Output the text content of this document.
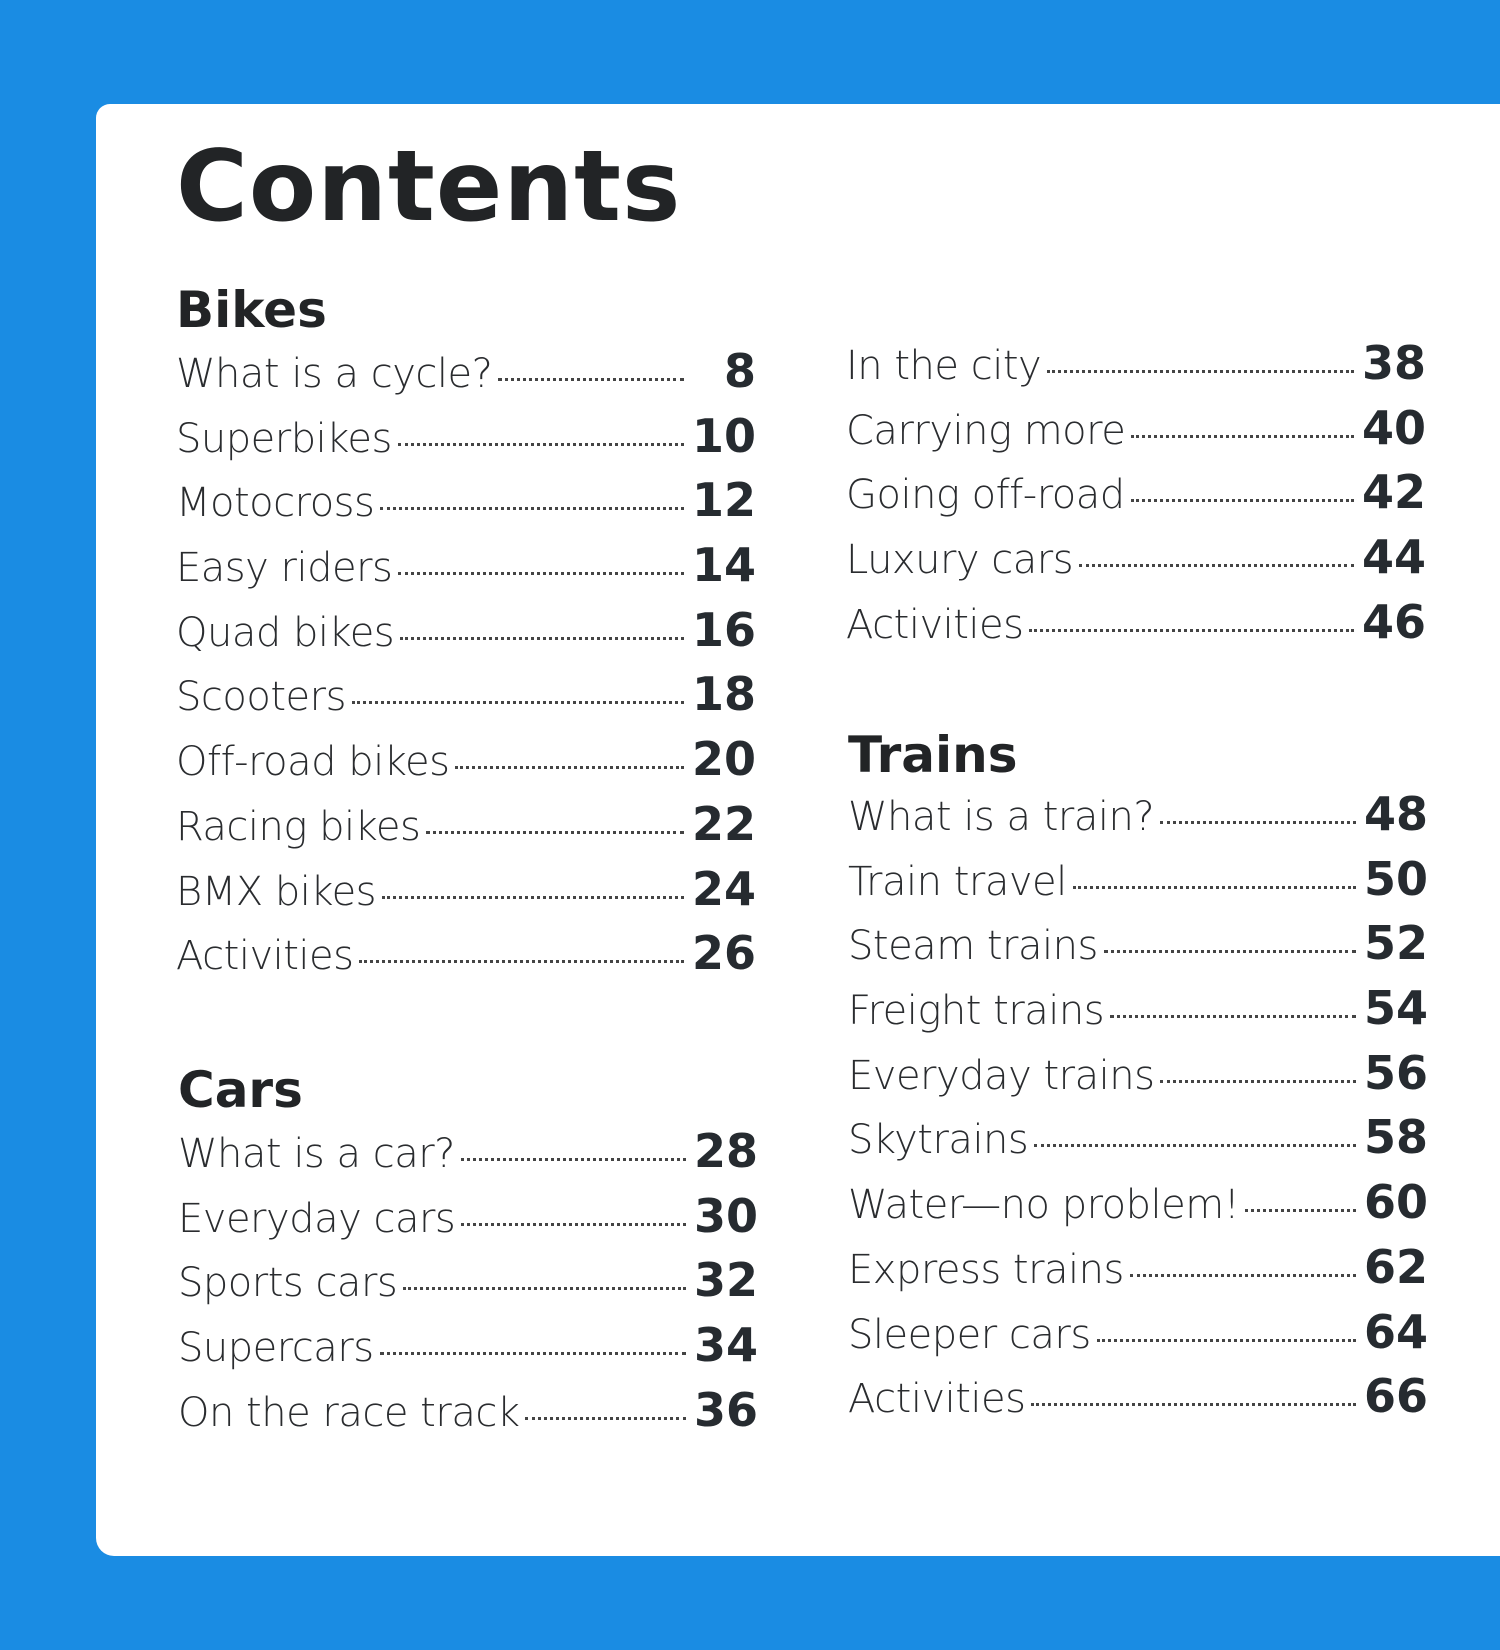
Contents
Bikes
What is a cycle?	8
Superbikes	10
Motocross	12
Easy riders	14
Quad bikes	16
Scooters	18
Off-road bikes	20
Racing bikes	22
BMX bikes	24
Activities	26
Cars
What is a car?	28
Everyday cars	30
Sports cars	32
Supercars	34
On the race track	36
In the city	38
Carrying more	40
Going off-road	42
Luxury cars	44
Activities	46
Trains
What is a train?	48
Train travel	50
Steam trains	52
Freight trains	54
Everyday trains	56
Skytrains	58
Water—no problem!	60
Express trains	62
Sleeper cars	64
Activities	66
